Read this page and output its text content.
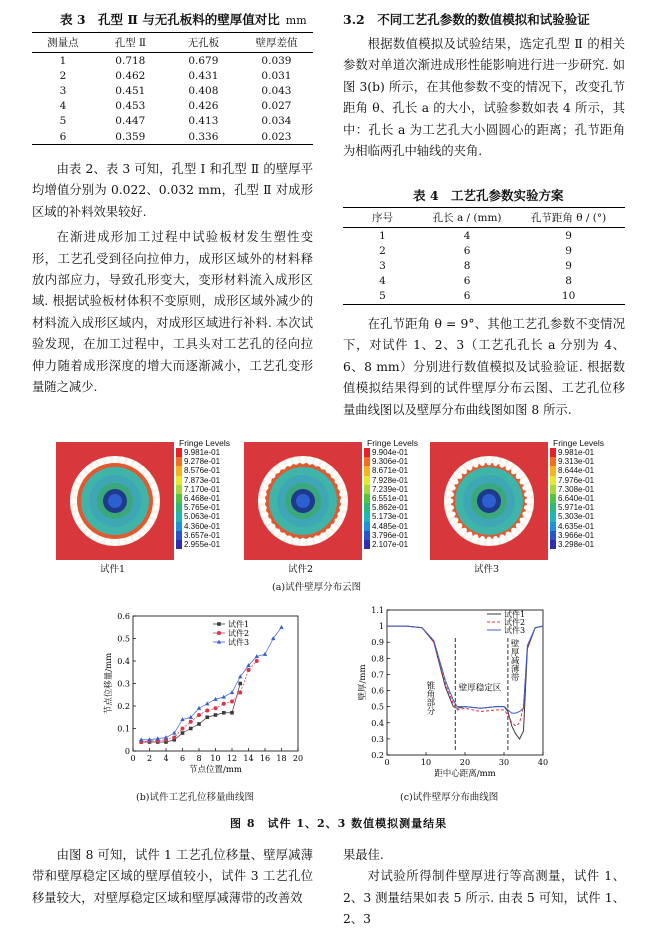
表 3　孔型 Ⅱ 与无孔板料的壁厚值对比 mm
测量点	孔型 Ⅱ	无孔板	壁厚差值
1	0.718	0.679	0.039
2	0.462	0.431	0.031
3	0.451	0.408	0.043
4	0.453	0.426	0.027
5	0.447	0.413	0.034
6	0.359	0.336	0.023

由表 2、表 3 可知，孔型 Ⅰ 和孔型 Ⅱ 的壁厚平均增值分别为 0.022、0.032 mm，孔型 Ⅱ 对成形区域的补料效果较好.

在渐进成形加工过程中试验板材发生塑性变形，工艺孔受到径向拉伸力，成形区域外的材料释放内部应力，导致孔形变大，变形材料流入成形区域. 根据试验板材体积不变原则，成形区域外减少的材料流入成形区域内，对成形区域进行补料. 本次试验发现，在加工过程中，工具头对工艺孔的径向拉伸力随着成形深度的增大而逐渐减小，工艺孔变形量随之减少.

3.2　不同工艺孔参数的数值模拟和试验验证

根据数值模拟及试验结果，选定孔型 Ⅱ 的相关参数对单道次渐进成形性能影响进行进一步研究. 如图 3(b) 所示，在其他参数不变的情况下，改变孔节距角 θ、孔长 a 的大小，试验参数如表 4 所示，其中：孔长 a 为工艺孔大小圆圆心的距离；孔节距角为相临两孔中轴线的夹角.

表 4　工艺孔参数实验方案
序号	孔长 a / (mm)	孔节距角 θ / (°)
1	4	9
2	6	9
3	8	9
4	6	8
5	6	10

在孔节距角 θ = 9°、其他工艺孔参数不变情况下，对试件 1、2、3（工艺孔孔长 a 分别为 4、6、8 mm）分别进行数值模拟及试验验证. 根据数值模拟结果得到的试件壁厚分布云图、工艺孔位移量曲线图以及壁厚分布曲线图如图 8 所示.

Fringe Levels
9.981e-01
9.278e-01
8.576e-01
7.873e-01
7.170e-01
6.468e-01
5.765e-01
5.063e-01
4.360e-01
3.657e-01
2.955e-01
试件1
Fringe Levels
9.904e-01
9.306e-01
8.671e-01
7.928e-01
7.239e-01
6.551e-01
5.862e-01
5.173e-01
4.485e-01
3.796e-01
2.107e-01
试件2
Fringe Levels
9.981e-01
9.313e-01
8.644e-01
7.976e-01
7.308e-01
6.640e-01
5.971e-01
5.303e-01
4.635e-01
3.966e-01
3.298e-01
试件3
(a)试件壁厚分布云图
0 2 4 6 8 10 12 14 16 18 20
0
0.1
0.2
0.3
0.4
0.5
0.6
节点位置/mm
节点位移量/mm
试件1
试件2
试件3
(b)试件工艺孔位移量曲线图
0	10	20	30	40
0.2
0.3
0.4
0.5
0.6
0.7
0.8
0.9
1
1.1
距中心距离/mm
壁厚/mm
试件1
试件2
试件3
锥角部分	壁厚稳定区
壁厚减薄带
(c)试件壁厚分布曲线图
图 8　试件 1、2、3 数值模拟测量结果

由图 8 可知，试件 1 工艺孔位移量、壁厚减薄带和壁厚稳定区域的壁厚值较小，试件 3 工艺孔位移量较大，对壁厚稳定区域和壁厚减薄带的改善效

果最佳.

对试验所得制件壁厚进行等高测量，试件 1、2、3 测量结果如表 5 所示. 由表 5 可知，试件 1、2、3
